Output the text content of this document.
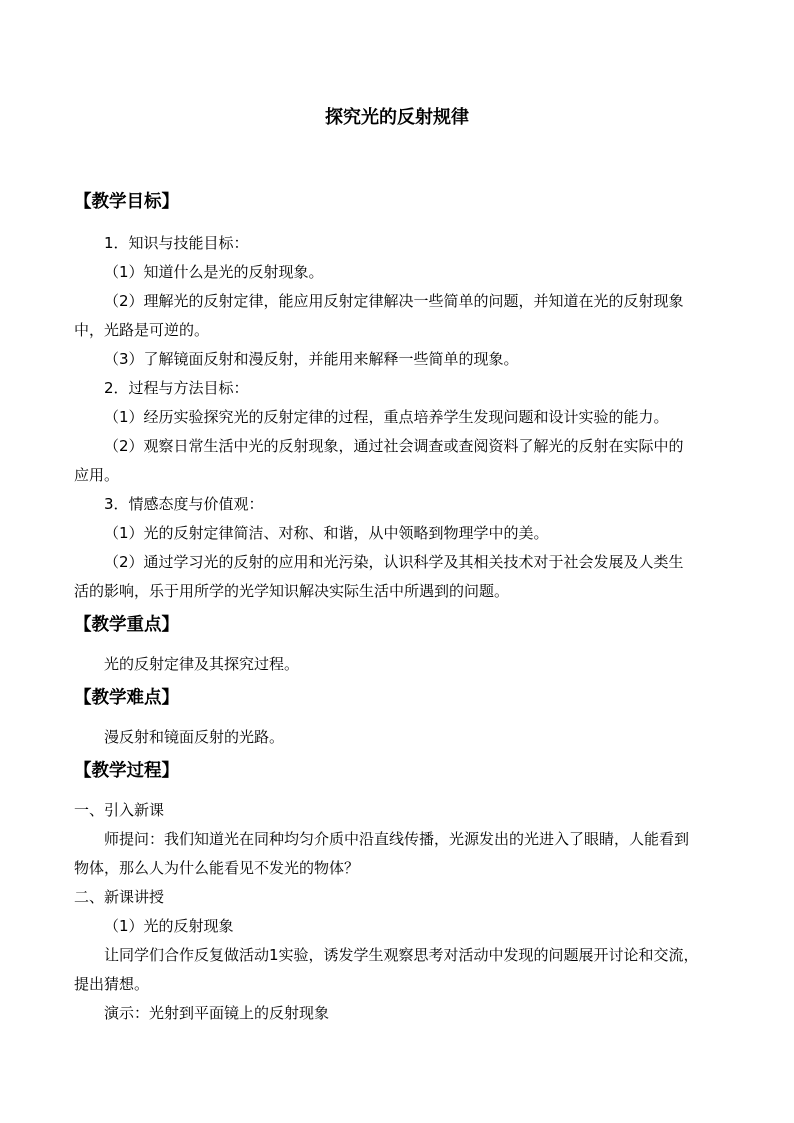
探究光的反射规律
【教学目标】
1．知识与技能目标：
（1）知道什么是光的反射现象。
（2）理解光的反射定律，能应用反射定律解决一些简单的问题，并知道在光的反射现象
中，光路是可逆的。
（3）了解镜面反射和漫反射，并能用来解释一些简单的现象。
2．过程与方法目标：
（1）经历实验探究光的反射定律的过程，重点培养学生发现问题和设计实验的能力。
（2）观察日常生活中光的反射现象，通过社会调查或查阅资料了解光的反射在实际中的
应用。
3．情感态度与价值观：
（1）光的反射定律简洁、对称、和谐，从中领略到物理学中的美。
（2）通过学习光的反射的应用和光污染，认识科学及其相关技术对于社会发展及人类生
活的影响，乐于用所学的光学知识解决实际生活中所遇到的问题。
【教学重点】
光的反射定律及其探究过程。
【教学难点】
漫反射和镜面反射的光路。
【教学过程】
一、引入新课
师提问：我们知道光在同种均匀介质中沿直线传播，光源发出的光进入了眼睛，人能看到
物体，那么人为什么能看见不发光的物体？
二、新课讲授
（1）光的反射现象
让同学们合作反复做活动1实验，诱发学生观察思考对活动中发现的问题展开讨论和交流，
提出猜想。
演示：光射到平面镜上的反射现象
